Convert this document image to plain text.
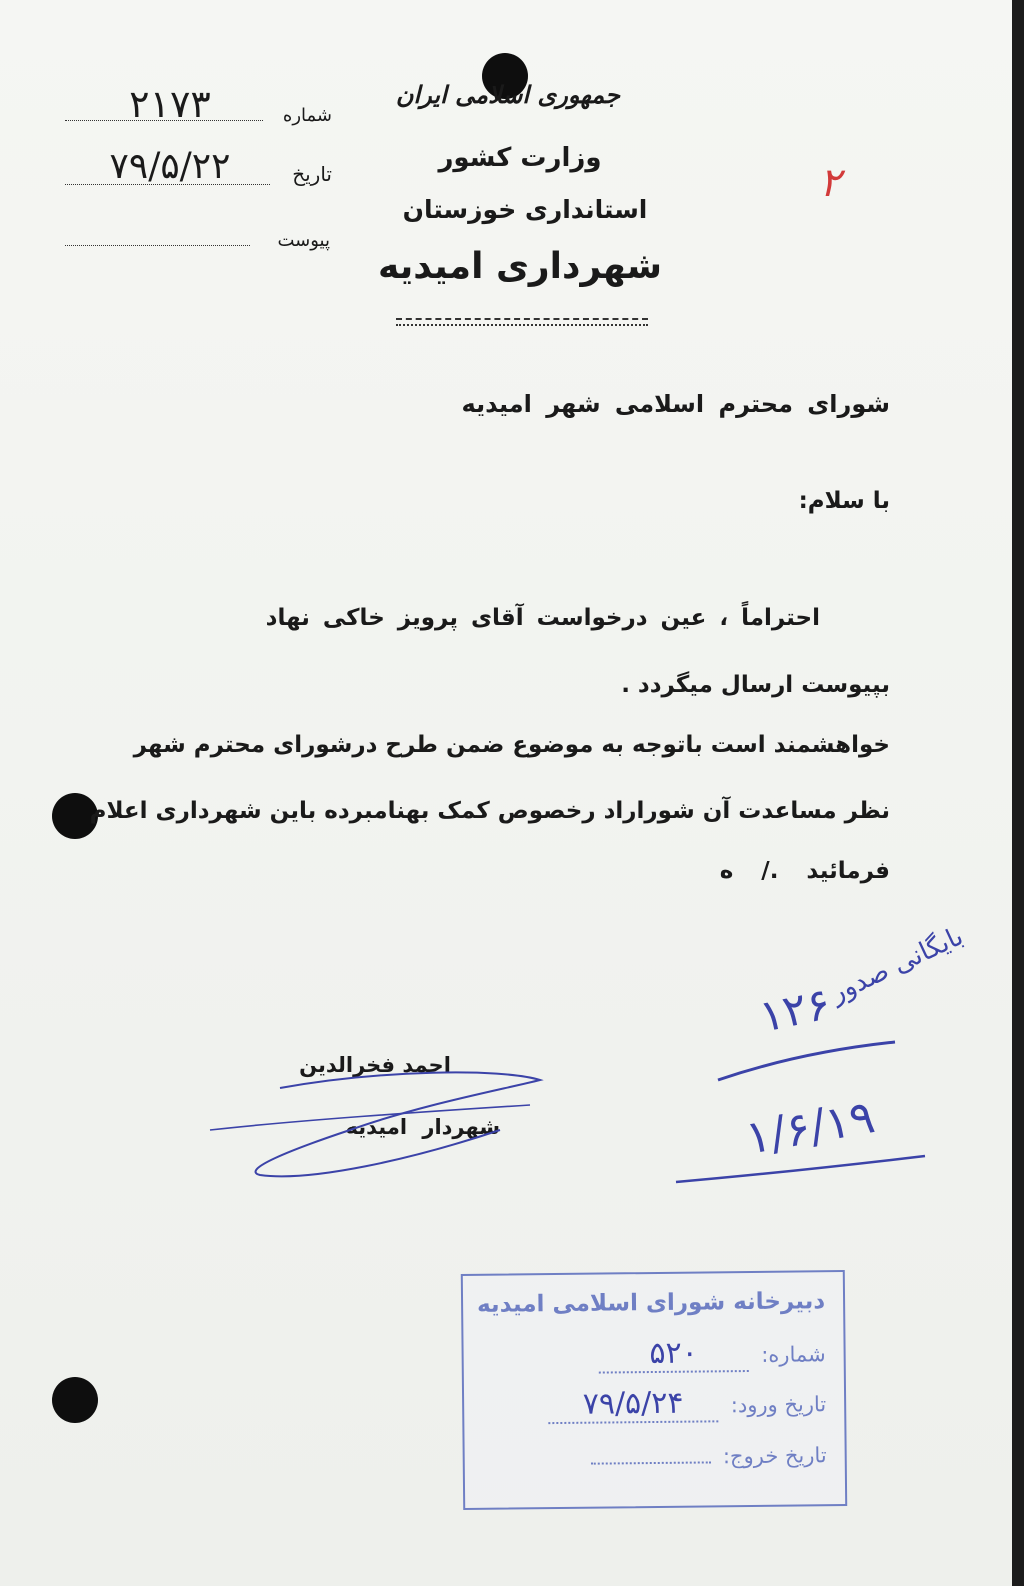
جمهوری اسلامی ایران
وزارت کشور
استانداری خوزستان
شهرداری امیدیه
شماره
۲۱۷۳
تاریخ
۷۹/۵/۲۲
پیوست
۲
شورای محترم اسلامی شهر امیدیه
با سلام:
احتراماً ، عین درخواست آقای پرویز خاکی نهاد
بپیوست ارسال میگردد .
خواهشمند است باتوجه به موضوع ضمن طرح درشورای محترم شهر
نظر مساعدت آن شوراراد رخصوص کمک بهنامبرده باین شهرداری اعلام
فرمائید ./ ه
بایگانی صدور
۱۲۶
۱/۶/۱۹
احمد فخرالدین
شهردار امیدیه
دبیرخانه شورای اسلامی امیدیه
شماره: ۵۲۰
تاریخ ورود: ۷۹/۵/۲۴
تاریخ خروج:
